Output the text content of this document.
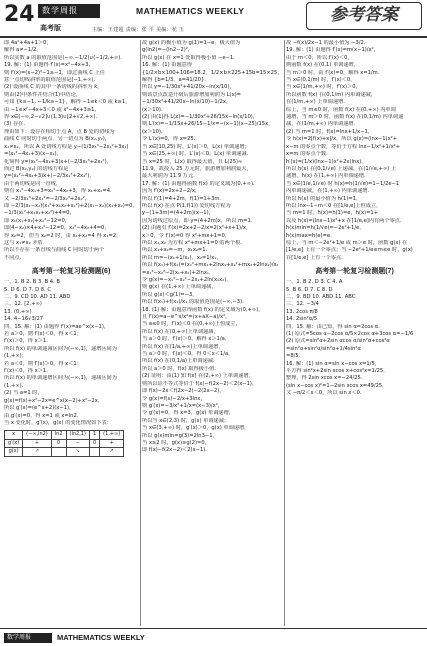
24 数学周报
高考版
MATHEMATICS WEEKLY
主编：王建超 责编：张 平 美编：花 玉
参考答案

即 4a²+4a+1＞0，

解得 a≠−1/2，

所以实数 a 的取值范围是(−∞,−1/2)∪(−1/2,+∞).

19. 解：(1) 由题得 f′(x)=x²−4x+3，

则 f′(x)=(x−2)²−1≥−1，即过曲线 C 上任

意一点切线斜率的取值范围是[−1,+∞).

(2) 设曲线 C 的其中一条切线的斜率为 k，

则由(2)中条件并结合(1)中结论，

可知 {k≥−1, −1/k≥−1}，解得 −1≤k＜0 或 k≥1，

由 −1≤x²−4x+3＜0 或 x²−4x+3≥1，

得 x∈(−∞,2−√2]∪(1,3)∪[2+√2,+∞).

(3) 存在.

理由如下：设存在相切于点 A，点 B 处的切线为

曲线 C 同时切于两点，另一切点为 B(x₂,y₂)，

x₁≠x₂，所以 A 处切线方程是 y−(1/3x₁³−2x₁²+3x₁)

=(x₁²−4x₁+3)(x−x₁)，

化简得 y=(x₁²−4x₁+3)x+(−2/3x₁³+2x₁²).

而过 B(x₂,y₂) 的切线方程是

y=(x₂²−4x₂+3)x+(−2/3x₂³+2x₂²)，

由于两切线是同一直线，

则有 x₁²−4x₁+3=x₂²−4x₂+3，得 x₁+x₂=4.

又 −2/3x₁³+2x₁²=−2/3x₂³+2x₂²，

即 −2/3(x₁−x₂)(x₁²+x₁x₂+x₂²)+2(x₁−x₂)(x₁+x₂)=0，

−1/3(x₁²+x₁x₂+x₂²)+4=0，

即 x₁(x₁+x₂)+x₂²−12=0，

即(4−x₂)×4+x₂²−12=0，x₂²−4x₂+4=0，

得 x₂=2，但当 x₂=2 时，由 x₁+x₂=4 得 x₁=2，

这与 x₁≠x₂ 矛盾.

所以不存在一条直线与曲线 C 同时切于两个

不同点.

高考第一轮复习检测题(6)

一、1. B 2. B 3. B 4. B

5. D 6. D 7. D 8. C

二、9. CD 10. AD 11. ABD

三、12. [2,+∞)

13. (0,+∞)

14. 4−16√3/27

四、15. 解：(1) 由题得 f′(x)=ae^x(x−1)，

若 a＞0，则 f′(x)＜0，得 x＜1；

f′(x)＞0，得 x＞1.

所以 f(x) 的单调递减区间为(−∞,1)，递增区间为

(1,+∞)；

若 a＜0，则 f′(x)＞0，得 x＜1；

f′(x)＜0，得 x＞1.

所以 f(x) 的单调递增区间为(−∞,1)，递减区间为

(1,+∞).

(2) 当 a=1 时，

g(x)=f(x)+x²−2x=e^x(x−2)+x²−2x，

所以 g′(x)=(e^x+2)(x−1)，

由 g′(x)=0，得 x=1 或 x=ln2.

当 x 变化时，g′(x)，g(x) 的变化情况如下表：

x	(−∞,ln2)	ln2	(ln2,1)	1	(1,+∞)
g′(x)	+	0	−	0	+
g(x)	↗		↘		↗

故 g(x) 的极小值为 g(1)=1−e，极大值为

g(ln2)=−(ln2−2)²，

所以 g(x) 在 x=1 处取得极小值 −e−1.

16. 解：(1) 由题意得

{1/2×b×100+106=18.2，1/2×b×225+15b=15×25，

解得 {b=1/3，a=41/20}.

所以 y=−1/30x²+41/20x−ln(x/10)，

则该景点改造升级后旅游增加利润为 L(x)=

−1/30x²+41/20x−ln(x/10)−1/2x，

(x＞10).

(2) 由(1)得 L(x)=−1/30x²+26/15x−ln(x/10)，

则 L′(x)=−1/15x+26/15−1/x=−(x−1)(x−25)/15x，

(x＞10).

令 L′(x)=0，得 x=25.

当 x∈[10,25) 时，L′(x)＞0，L(x) 单调递增；

当 x∈(25,+∞) 时，L′(x)＜0，L(x) 单调递减.

当 x=25 时，L(x) 取得最大值，且 L(25)≈

11.9，故投入 25 万元时，旅游增加利润最大，

最大利润为 11.9 万元.

17. 解：(1) 由题得函数 f(x) 的定义域为(0,+∞).

因为 f′(x)=2x+2−2/x，

所以 f′(1)=4+2m，f(1)=1+3m.

所以 f(x) 在点 P(1,f(1)) 处切线方程为

y−(1+3m)=(4+2m)(x−1)，

因为切线过原点，即 y=(4+2m)x，所以 m=1.

(2) 由题有 f′(x)=2x+2−2/x=2(x²+x+1)/x，

x＞0，令 f′(x)=0 得 x²+mx+1=0，

所以 x₁,x₂ 为方程 x²+mx+1=0 的两个根.

所以 x₁+x₂=−m，x₁x₂=1.

所以 m=−(x₁+1/x₁)，x₂=1/x₁，

所以 f(x₁)+f(x₂)=(x₁²+mx₁+2lnx₁+x₂²+mx₂+2lnx₂)/x₁

=x₁²−x₂²−2(x₁+x₂)+2lnx₁.

令 g(x)=−x₁²−x₂²−2x₁+2ln(x₁x₂)，

则 g(x) 在(1,+∞) 上单调递减，

所以 g(x)＜g(1)=−3，

所以 f(x₁)+f(x₂)/x₁ 的取值范围是(−∞,−3).

18. (1) 解：由题意得函数 f(x) 的定义域为(0,+∞)，

且 f′(x)=a−e^x/x²=(x+aX−a)/x²，

当 a≤0 时，f′(x)＜0 在(0,+∞)上恒成立，

所以 f(x) 在(0,+∞)上单调递减，

当 a＞0 时，f′(x)＞0，解得 x＞1/a，

所以 f(x) 在(1/a,+∞)上单调递增，

当 a＞0 时，f′(x)＜0，得 0＜x＜1/a，

所以 f(x) 在(0,1/a)上单调递减.

所以 a＞0 时，f(x) 取得极小值.

(2) 证明：由(1) 知 f(x) 在(2,+∞) 上单调递增，

则所以证不等式等价于 f(x)−f(2x−2)＜2(x−1)，

即 f(x)−2x＜f(2x−2)−2(2x−2)，

令 g(x)=f(x)−2/x+3lnx，

则 g′(x)=−3/x²+1/x=(x−3)/x²，

令 g′(x)=0，得 x=3，g(x) 单调递增，

所以当 x∈(2,3) 时，g(x) 单调递减；

当 x∈(3,+∞) 时，g′(x)＞0，g(x) 单调递增，

所以 g(x)min=g(3)=2ln3−1，

当 x≥2 时，g(x)≥g(2)=0，

即 f(x)−f(2x−2)＜2(x−1).

故 −f(x)/2x−1 的最小值为 −3/2.

19. 解：(1) 由题得 f′(x)=m(x−1)/x²，

由于 m＜0，所以 f′(x)＜0，

则函数 f(x) 在(0,1) 单调递增，

当 m＞0 时，由 f′(x)=0，解得 x=1/m.

当 x∈(0,1/m) 时，f′(x)＜0，

当 x∈(1/m,+∞) 时，f′(x)＞0，

所以函数 f(x) 在(0,1/m) 内单调递减，

在(1/m,+∞) 上单调递增.

综上，当 m≤0 时，函数 f(x) 在(0,+∞) 内单调

递增，当 m＞0 时，函数 f(x) 在(0,1/m) 内单调递

减，在(1/m,+∞) 内单调递增.

(2) 当 m=1 时，f(x)=lnx+1/x−1，

令 h(x)=2[f(x)+x]/x，所以 g(x)=(lnx−1)x²+

x−m 的零点个数，等价于方程 lnx−1/x²+1/x²+

x=m 的零点个数.

h′(x)=(1/x)(lnx−1)x²+2x(lnx)，

所以 h(x) 在(0,1/√e) 上递减，在(1/√e,+∞) 上

递增，h(x) 在(1,+∞) 内单调递增.

当 x∈(1/e,1/√e) 时 h(x)=h(1/√e)=1−1/2e−1

内单调递减，在(1,+∞) 内单调递增.

所以 h(x) 的最小值为 h(1)=1，

所以 lnx−1−m＜0 在[1/e,e]上恒成立，

当 m=1 时，h(x)=h(1)=e，h(x)=1+

以及 h(x)=(lnx−1)x²+x 在[1/e,e]内有两个零点.

h(x)min=h(1/√e)=−2e²+1/e，

h(x)max=h(e)=e.

综上，当 m＜−2e²+1/e 或 m＞e 时，函数 g(x) 在

[1/e,e] 上有一个零点；当 −2e²+1/e≤m≤e 时，g(x)

在[1/e,e] 上有一个零点.

高考第一轮复习检测题(7)

一、1. B 2. D 3. C 4. A

5. B 6. D 7. C 8. D

二、9. BD 10. ABD 11. ABC

三、12. −3/4

13. 2cos π/8

14. 2sin²α/5

四、15. 解：由已知，得 sin α=2cos α.

(1) 原式=5cos α−2cos α/5×2cos α+3cos α=−1/6

(2) 原式=sin²α+2sin αcos α/sin²α+cos²α

=sin²α+sin²α/sin²α+1/4sin²α

=8/5.

16. 解：(1) sin α=sin x−cos x=1/5，

平方得 sin²x+2sin xcos x+cos²x=1/25，

整理，得 2sin xcos x=−24/25.

(sin x−cos x)²=1−2sin xcos x=49/25.

又 −π/2＜x＜0，所以 sin x＜0.

数学周报	MATHEMATICS WEEKLY
